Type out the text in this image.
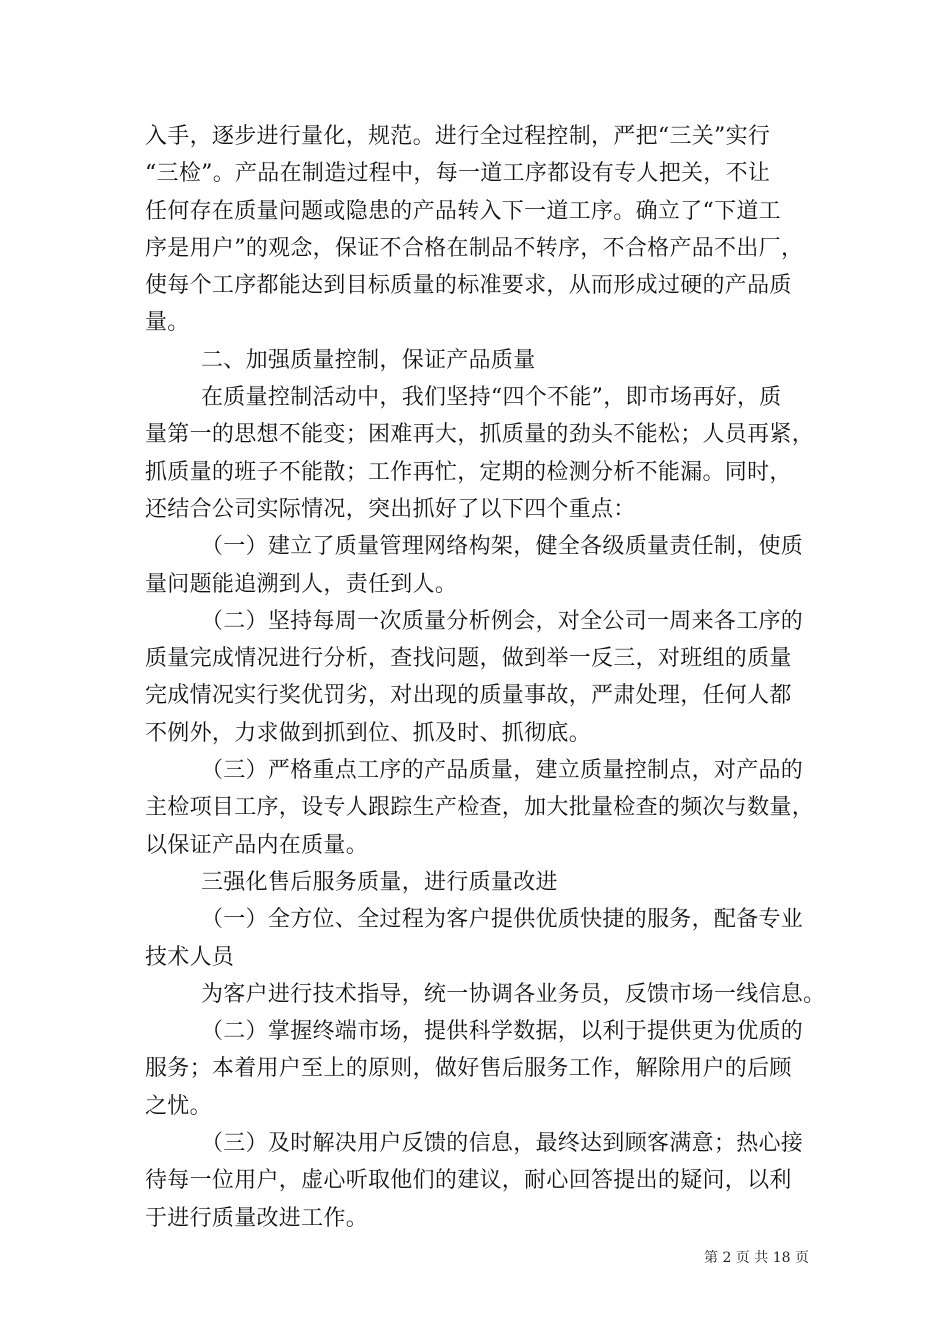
入手，逐步进行量化，规范。进行全过程控制，严把“三关”实行
“三检”。产品在制造过程中，每一道工序都设有专人把关，不让
任何存在质量问题或隐患的产品转入下一道工序。确立了“下道工
序是用户”的观念，保证不合格在制品不转序，不合格产品不出厂，
使每个工序都能达到目标质量的标准要求，从而形成过硬的产品质
量。
二、加强质量控制，保证产品质量
在质量控制活动中，我们坚持“四个不能”，即市场再好，质
量第一的思想不能变；困难再大，抓质量的劲头不能松；人员再紧，
抓质量的班子不能散；工作再忙，定期的检测分析不能漏。同时，
还结合公司实际情况，突出抓好了以下四个重点：
（一）建立了质量管理网络构架，健全各级质量责任制，使质
量问题能追溯到人，责任到人。
（二）坚持每周一次质量分析例会，对全公司一周来各工序的
质量完成情况进行分析，查找问题，做到举一反三，对班组的质量
完成情况实行奖优罚劣，对出现的质量事故，严肃处理，任何人都
不例外，力求做到抓到位、抓及时、抓彻底。
（三）严格重点工序的产品质量，建立质量控制点，对产品的
主检项目工序，设专人跟踪生产检查，加大批量检查的频次与数量，
以保证产品内在质量。
三强化售后服务质量，进行质量改进
（一）全方位、全过程为客户提供优质快捷的服务，配备专业
技术人员
为客户进行技术指导，统一协调各业务员，反馈市场一线信息。
（二）掌握终端市场，提供科学数据，以利于提供更为优质的
服务；本着用户至上的原则，做好售后服务工作，解除用户的后顾
之忧。
（三）及时解决用户反馈的信息，最终达到顾客满意；热心接
待每一位用户，虚心听取他们的建议，耐心回答提出的疑问，以利
于进行质量改进工作。
第 2 页 共 18 页
